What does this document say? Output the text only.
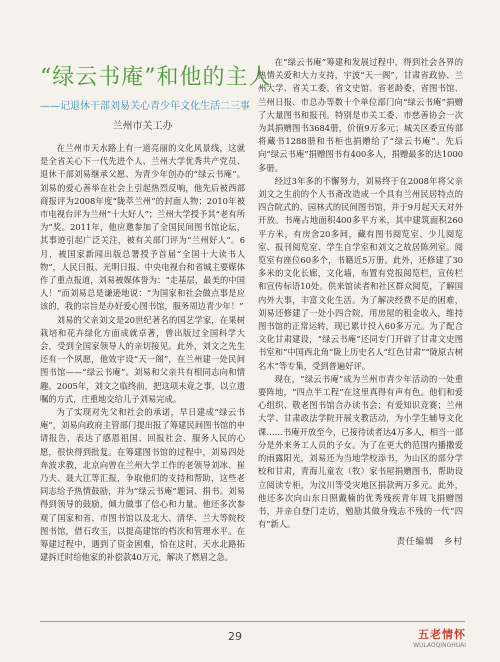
“绿云书庵”和他的主人
——记退休干部刘易关心青少年文化生活二三事
兰州市关工办

在兰州市天水路上有一道亮丽的文化风景线，这就是全省关心下一代先进个人、兰州大学优秀共产党员、退休干部刘易继承父愿、为青少年创办的“绿云书庵”。刘易的爱心善举在社会上引起热烈反响，他先后被西部商报评为2008年度“陇萃兰州”的封面人物；2010年被市电视台评为兰州“十大好人”；兰州大学授予其“老有所为”奖。2011年，他应邀参加了全国民间图书馆论坛，其事迹引起广泛关注，被有关部门评为“兰州好人”。6月，被国家新闻出版总署授予首届“全国十大读书人物”，人民日报、光明日报、中央电视台和省城主要媒体作了重点报道，刘易被媒体誉为：“走基层，最美的中国人！”而刘易总是谦逊地说：“为国家和社会做点事是应该的，我的宗旨是办好爱心图书馆，服务周边青少年！”

刘易的父亲刘文是20世纪著名的国艺学家，在果树栽培和花卉绿化方面成就卓著，曾出版过全国科学大会，受到全国家领导人的亲切接见。此外，刘文之先生还有一个夙愿，他效宇设“天一阁”，在兰州建一处民间图书馆——“绿云书庵”。刘易和父亲共有相同志向和情趣。2005年，刘文之临终前，把这项未竟之事，以立遗嘱的方式，庄重地交给儿子刘易完成。

为了实现对先父和社会的承诺，早日建成“绿云书庵”，刘易向政府主管部门提出报了筹建民间图书馆的申请报告，表达了感恩祖国、回报社会、服务人民的心愿，很快得到批复。在筹建图书馆的过程中，刘易四处奔波求教，北京向曾在兰州大学工作的老领导刘冰、崔乃夫、聂大江等汇报，争取他们的支持和帮助，这些老同志给予热情鼓励，并为“绿云书庵”题词、捐书。刘易得到领导的鼓励，倾力做事了信心和力量。他还多次参观了国家和省、市图书馆以及北大、清华、兰大等院校图书馆，借石攻玉，以提高建馆的档次和管理水平。在筹建过程中，遇到了资金困难，恰在这时，天水北路拓建拆迁时给他家的补偿款40万元，解决了燃眉之急。

在“绿云书庵”筹建和发展过程中，得到社会各界的热情关爱和大力支持，宇波“天一阁”，甘肃省政协、兰州大学、省关工委、省文史馆、省老龄委、省图书馆、兰州日报、市总办等数十个单位部门向“绿云书庵”捐赠了大量图书和报刊。特别是市关工委、市慈善协会一次为其捐赠图书3684册，价值9万多元；城关区委宣传部将藏书1288册和书柜也捐赠给了“绿云书庵”。先后向“绿云书庵”捐赠图书有400多人，捐赠最多的达1000多册。

经过3年多的不懈努力，刘易终于在2008年将父亲刘文之生前的个人书斋改造成一个具有兰州民居特点的四合院式的、园林式的民间图书馆，并于9月起天天对外开放。书庵占地面积400多平方米，其中建筑面积260平方米，有房舍20多间，藏有图书阅览室、少儿阅览室、报刊阅览室、学生自学室和刘文之故居陈列室。阅览室有座位60多个，书籍近5万册。此外，还修建了30多米的文化长廊，文化墙，布置有党报阅览栏，宣传栏和宣传标语10处。供来馆读者和社区群众阅览，了解国内外大事，丰富文化生活。为了解决经费不足的困难，刘易还修建了一处小四合院，用房屋的租金收入，维持图书馆的正常运转，现已累计投入60多万元。为了配合文化甘肃建设，“绿云书庵”还同专门开辟了甘肃文史图书室和“中国西北角”陇上历史名人“红色甘肃”“陇原古树名木”等专集，受到普遍好评。

现在，“绿云书庵”成为兰州市青少年活动的一处重要阵地，“四点半工程”在这里真得有声有色。他们和爱心组织、敬老图书馆合办读书会；有爱知识竞赛；兰州大学、甘肃政法学院开展支教活动，为小学生辅导文化课……书庵开放至今，已接待读者达4万多人，相当一部分是外来务工人员的子女。为了在更大的范围内播撒爱的雨露阳光，刘易还为当地学校添书，为山区的部分学校和甘肃，青海儿童农（牧）家书屋捐赠图书，帮助设立阅读专柜，为汶川等受灾地区捐款两万多元。此外，他还多次向山东日照戴楠的优秀残疾青年周飞捐赠图书，并亲自登门走访，勉励其做身残志不残的一代“四有”新人。

责任编辑　乡村
29	五老情怀
WULAOQINGHUAI
